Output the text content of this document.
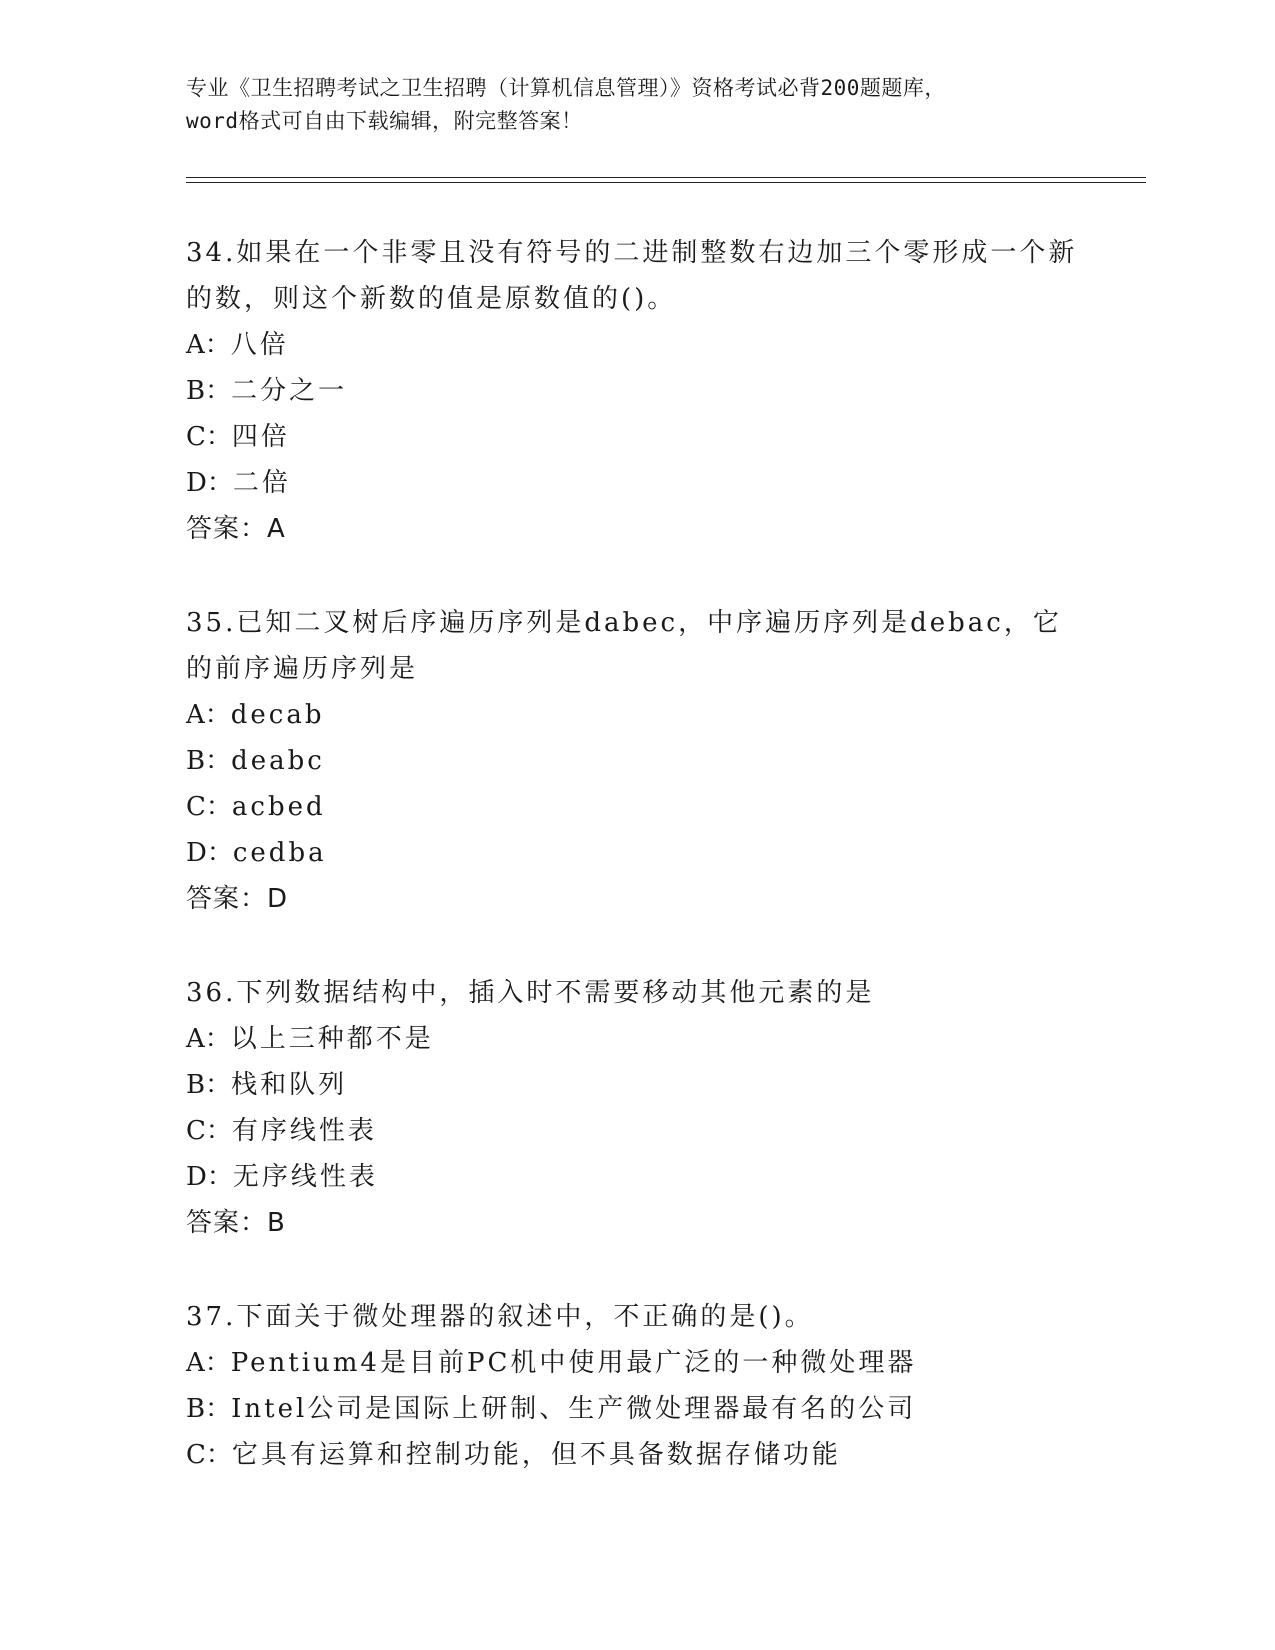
专业《卫生招聘考试之卫生招聘（计算机信息管理）》资格考试必背200题题库，
word格式可自由下载编辑，附完整答案！
34.如果在一个非零且没有符号的二进制整数右边加三个零形成一个新的数，则这个新数的值是原数值的()。
A：八倍
B：二分之一
C：四倍
D：二倍
答案：A
35.已知二叉树后序遍历序列是dabec，中序遍历序列是debac，它的前序遍历序列是
A：decab
B：deabc
C：acbed
D：cedba
答案：D
36.下列数据结构中，插入时不需要移动其他元素的是
A：以上三种都不是
B：栈和队列
C：有序线性表
D：无序线性表
答案：B
37.下面关于微处理器的叙述中，不正确的是()。
A：Pentium4是目前PC机中使用最广泛的一种微处理器
B：Intel公司是国际上研制、生产微处理器最有名的公司
C：它具有运算和控制功能，但不具备数据存储功能
